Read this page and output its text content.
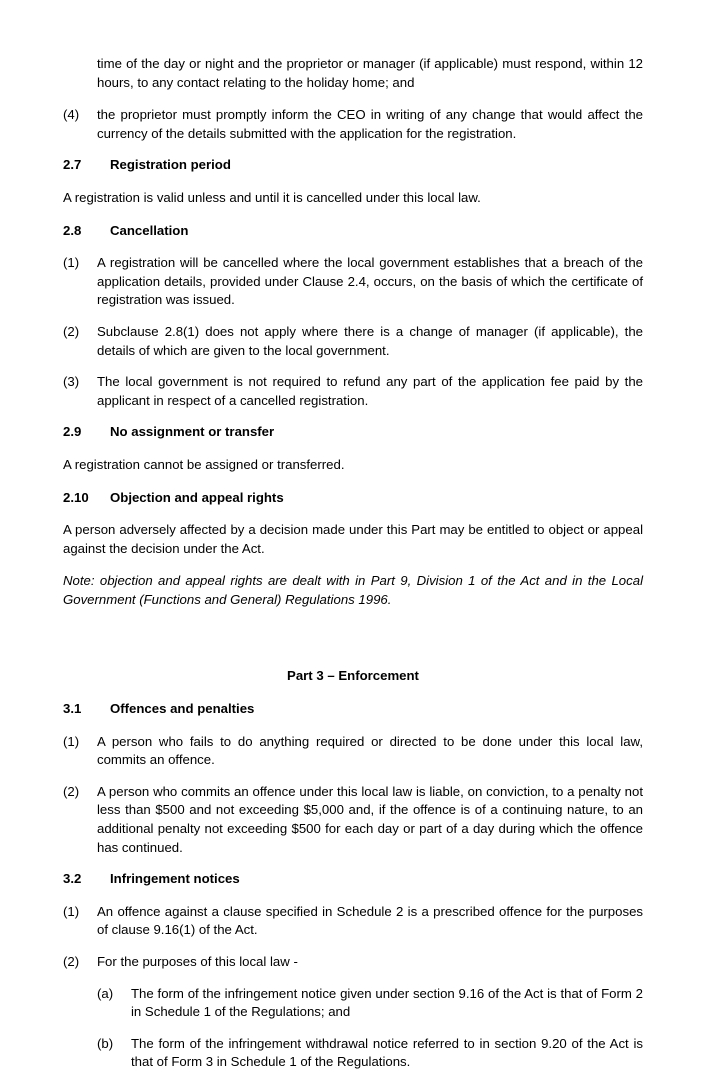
time of the day or night and the proprietor or manager (if applicable) must respond, within 12 hours, to any contact relating to the holiday home; and

(4)	the proprietor must promptly inform the CEO in writing of any change that would affect the currency of the details submitted with the application for the registration.
2.7	Registration period

A registration is valid unless and until it is cancelled under this local law.

2.8	Cancellation
(1)	A registration will be cancelled where the local government establishes that a breach of the application details, provided under Clause 2.4, occurs, on the basis of which the certificate of registration was issued.
(2)	Subclause 2.8(1) does not apply where there is a change of manager (if applicable), the details of which are given to the local government.
(3)	The local government is not required to refund any part of the application fee paid by the applicant in respect of a cancelled registration.
2.9	No assignment or transfer

A registration cannot be assigned or transferred.

2.10	Objection and appeal rights

A person adversely affected by a decision made under this Part may be entitled to object or appeal against the decision under the Act.

Note: objection and appeal rights are dealt with in Part 9, Division 1 of the Act and in the Local Government (Functions and General) Regulations 1996.

Part 3 – Enforcement
3.1	Offences and penalties
(1)	A person who fails to do anything required or directed to be done under this local law, commits an offence.
(2)	A person who commits an offence under this local law is liable, on conviction, to a penalty not less than $500 and not exceeding $5,000 and, if the offence is of a continuing nature, to an additional penalty not exceeding $500 for each day or part of a day during which the offence has continued.
3.2	Infringement notices
(1)	An offence against a clause specified in Schedule 2 is a prescribed offence for the purposes of clause 9.16(1) of the Act.
(2)	For the purposes of this local law -
(a)	The form of the infringement notice given under section 9.16 of the Act is that of Form 2 in Schedule 1 of the Regulations; and
(b)	The form of the infringement withdrawal notice referred to in section 9.20 of the Act is that of Form 3 in Schedule 1 of the Regulations.
